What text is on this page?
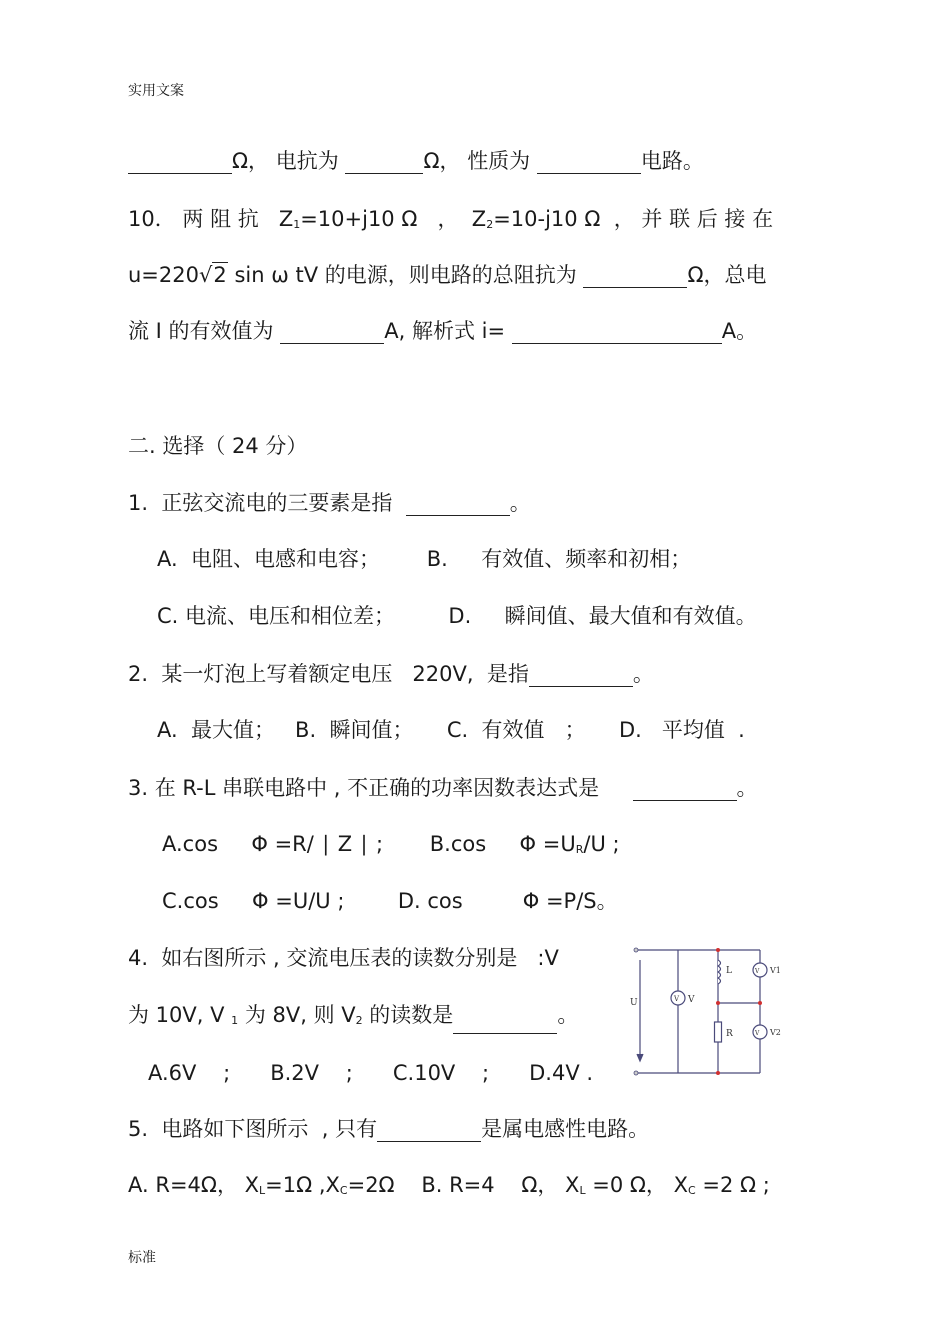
实用文案
Ω， 电抗为	Ω， 性质为	电路。
10． 两 阻 抗 $Z_1=10+j10$ Ω ， $Z_2=10-j10$ Ω ， 并 联 后 接 在
u=220√2 sin ω tV 的电源，则电路的总阻抗为	Ω，总电
流 I 的有效值为	A, 解析式 i=	A。
二. 选择（ 24 分）
1.  正弦交流电的三要素是指	。
A.  电阻、电感和电容； B.     有效值、频率和初相；
C. 电流、电压和相位差；	D.     瞬间值、最大值和有效值。
2.  某一灯泡上写着额定电压   220V,  是指	。
A.  最大值；   B.  瞬间值；     C.  有效值   ；     D.   平均值  .
3. 在 R-L 串联电路中 , 不正确的功率因数表达式是	。
A.cos     Φ =R/ ∣ Z ∣ ; B.cos     $\Phi =U_R/U$ ;
C.cos     Φ =U/U ;	D. cos         Φ =P/S。
4.  如右图所示 , 交流电压表的读数分别是   :V
为 10V, V $_1$ 为 8V, 则 $V_2$ 的读数是	。
A.6V    ;      B.2V    ;      C.10V    ;      D.4V .
U	V V
L	V V1
R	V V2
5.  电路如下图所示  , 只有	是属电感性电路。
A. R=4Ω， $X_L=1\Omega$ $,X_C=2\Omega$ B. R=4    Ω， $X_L =0$ Ω， $X_C =2$ Ω ;
标准
